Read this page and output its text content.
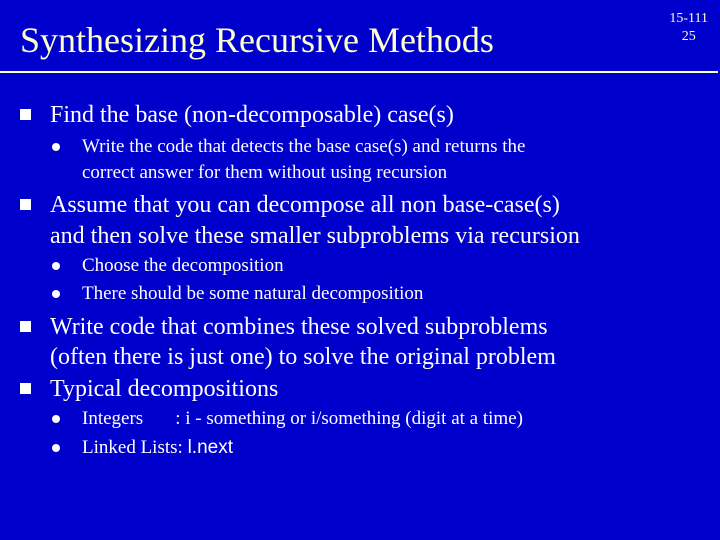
Synthesizing Recursive Methods
15-111
25
Find the base (non-decomposable) case(s)
Write the code that detects the base case(s) and returns the
correct answer for them without using recursion
Assume that you can decompose all non base-case(s)
and then solve these smaller subproblems via recursion
Choose the decomposition
There should be some natural decomposition
Write code that combines these solved subproblems
(often there is just one) to solve the original problem
Typical decompositions
Integers : i - something or i/something (digit at a time)
Linked Lists: l.next
